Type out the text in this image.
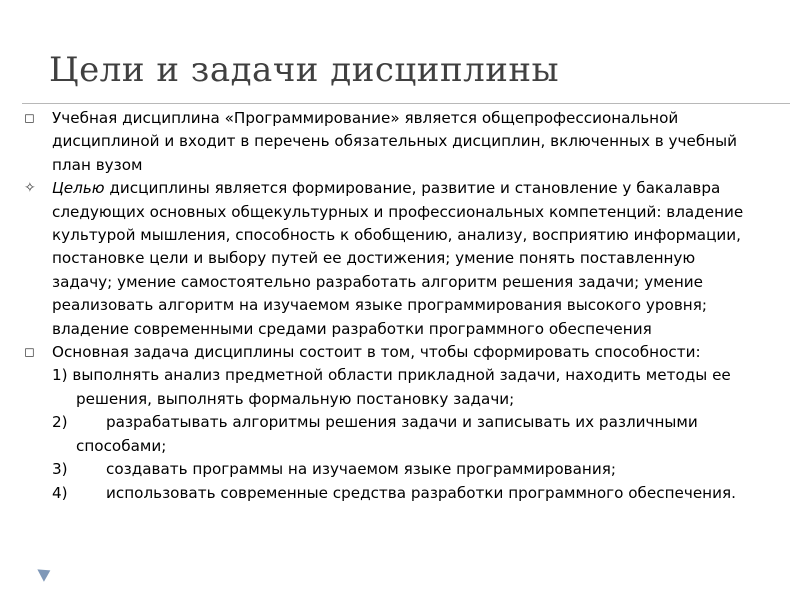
Цели и задачи дисциплины
◻ Учебная дисциплина «Программирование» является общепрофессиональной
дисциплиной и входит в перечень обязательных дисциплин, включенных в учебный
план вузом
✧ Целью дисциплины является формирование, развитие и становление у бакалавра
следующих основных общекультурных и профессиональных компетенций: владение
культурой мышления, способность к обобщению, анализу, восприятию информации,
постановке цели и выбору путей ее достижения; умение понять поставленную
задачу; умение самостоятельно разработать алгоритм решения задачи; умение
реализовать алгоритм на изучаемом языке программирования высокого уровня;
владение современными средами разработки программного обеспечения
◻ Основная задача дисциплины состоит в том, чтобы сформировать способности:
1) выполнять анализ предметной области прикладной задачи, находить методы ее
решения, выполнять формальную постановку задачи;
2)	разрабатывать алгоритмы решения задачи и записывать их различными
способами;
3)	создавать программы на изучаемом языке программирования;
4)	использовать современные средства разработки программного обеспечения.
